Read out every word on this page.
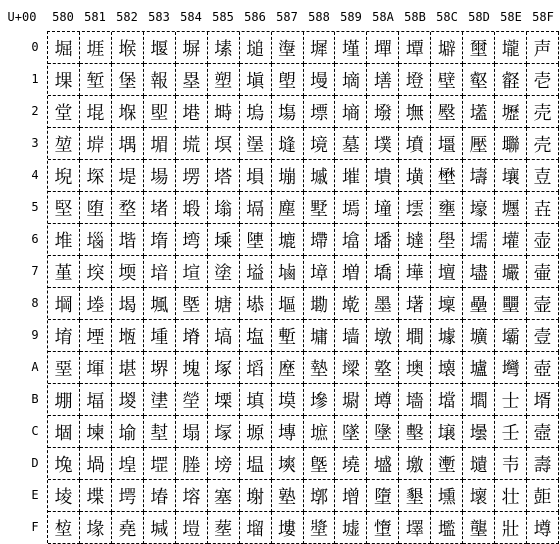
U+00	580 581 582 583 584 585 586 587 588 589 58A 58B 58C 58D 58E 58F
0
1
2
3
4
5
6
7
8
9
A
B
C
D
E
F
堀 堐 堠 堰 塀 塐 塠 塰 墀 墐 墠 墰 壀 壐 壠 声
堁 堑 堡 報 塁 塑 塡 塱 墁 墑 墡 墱 壁 壑 壡 壱
堂 堒 堢 堲 塂 塒 塢 塲 墂 墒 墢 墲 壂 壒 壢 売
堃 堓 堣 堳 塃 塓 塣 塳 境 墓 墣 墳 壃 壓 壣 壳
堄 堔 堤 場 塄 塔 塤 塴 墄 墔 墤 墴 壄 壔 壤 壴
堅 堕 堥 堵 塅 塕 塥 塵 墅 墕 墥 墵 壅 壕 壥 壵
堆 堖 堦 堶 塆 塖 塦 塶 墆 墖 墦 墶 壆 壖 壦 壶
堇 堗 堧 堷 塇 塗 塧 塷 墇 増 墧 墷 壇 壗 壧 壷
堈 堘 堨 堸 塈 塘 塨 塸 墈 墘 墨 墸 壈 壘 壨 壸
堉 堙 堩 堹 塉 塙 塩 塹 墉 墙 墩 墹 壉 壙 壩 壹
堊 堚 堪 堺 塊 塚 塪 塺 墊 墚 墪 墺 壊 壚 壪 壺
堋 堛 堫 堻 塋 塛 填 塻 墋 墛 墫 墻 壋 壛 士 壻
堌 堜 堬 堼 塌 塜 塬 塼 墌 墜 墬 墼 壌 壜 壬 壼
堍 堝 堭 堽 塍 塝 塭 塽 墍 墝 墭 墽 壍 壝 壭 壽
堎 堞 堮 堾 塎 塞 塮 塾 墎 增 墮 墾 壎 壞 壮 壾
堏 堟 堯 堿 塏 塟 塯 塿 墏 墟 墯 墿 壏 壟 壯 壿
